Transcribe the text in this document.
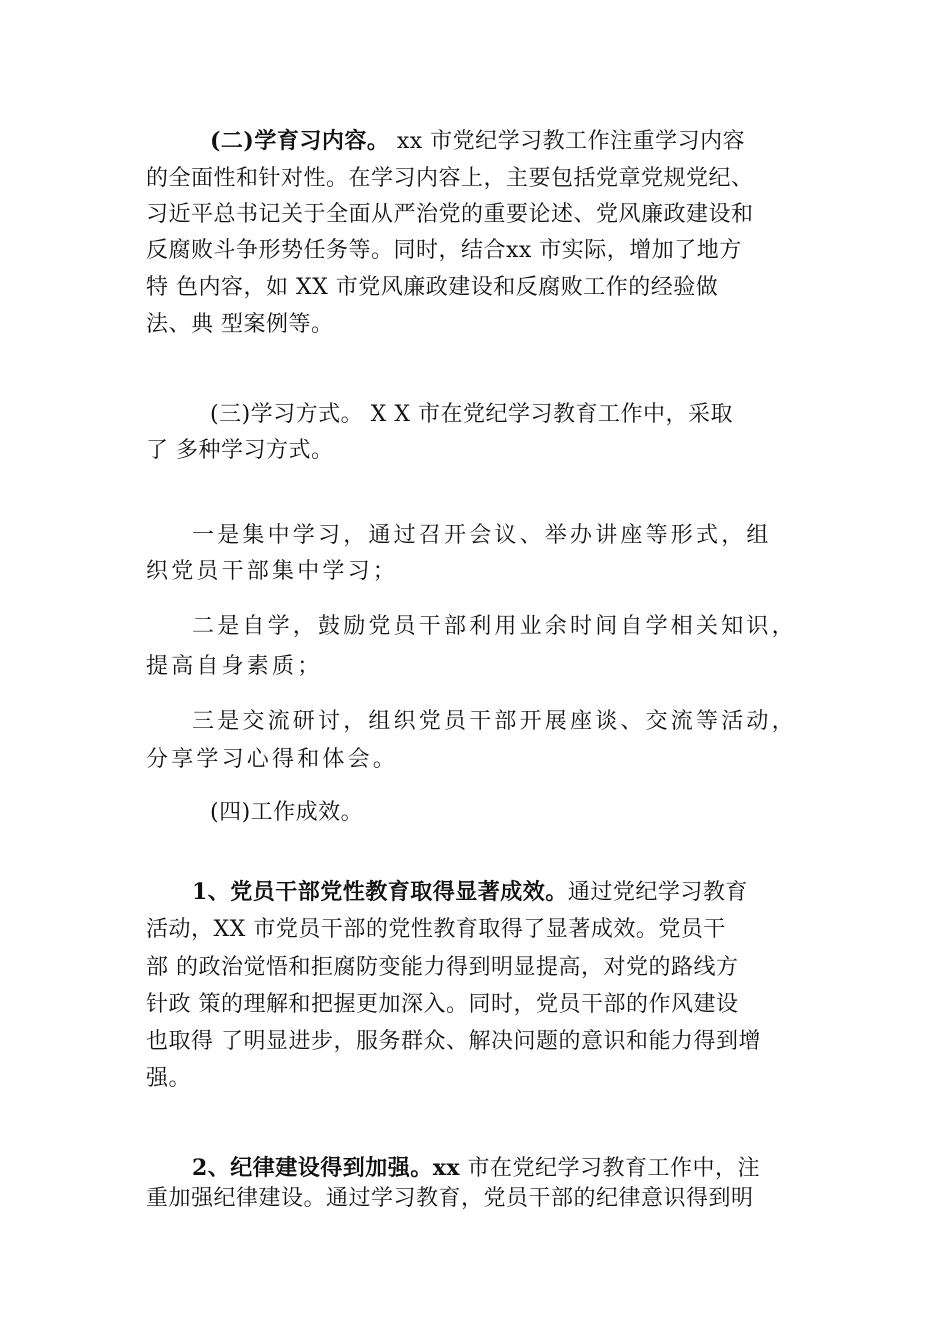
(二)学育习内容。 xx 市党纪学习教工作注重学习内容
的全面性和针对性。在学习内容上，主要包括党章党规党纪、
习近平总书记关于全面从严治党的重要论述、党风廉政建设和
反腐败斗争形势任务等。同时，结合xx 市实际，增加了地方
特 色内容，如 XX 市党风廉政建设和反腐败工作的经验做
法、典 型案例等。
(三)学习方式。 X X 市在党纪学习教育工作中，采取
了 多种学习方式。
一是集中学习，通过召开会议、举办讲座等形式，组
织党员干部集中学习；
二是自学，鼓励党员干部利用业余时间自学相关知识，
提高自身素质；
三是交流研讨，组织党员干部开展座谈、交流等活动，
分享学习心得和体会。
(四)工作成效。
1、党员干部党性教育取得显著成效。通过党纪学习教育
活动，XX 市党员干部的党性教育取得了显著成效。党员干
部 的政治觉悟和拒腐防变能力得到明显提高，对党的路线方
针政 策的理解和把握更加深入。同时，党员干部的作风建设
也取得 了明显进步，服务群众、解决问题的意识和能力得到增
强。
2、纪律建设得到加强。xx 市在党纪学习教育工作中，注
重加强纪律建设。通过学习教育，党员干部的纪律意识得到明
